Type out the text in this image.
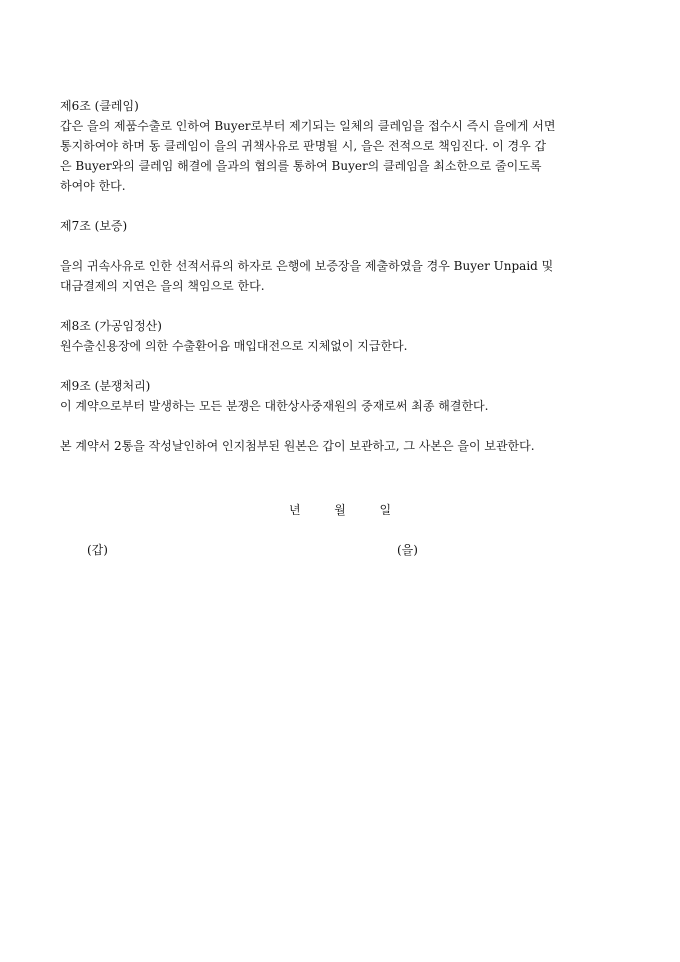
제6조 (클레임)
갑은 을의 제품수출로 인하여 Buyer로부터 제기되는 일체의 클레임을 접수시 즉시 을에게 서면
통지하여야 하며 동 클레임이 을의 귀책사유로 판명될 시, 을은 전적으로 책임진다. 이 경우 갑
은 Buyer와의 클레임 해결에 을과의 협의를 통하여 Buyer의 클레임을 최소한으로 줄이도록
하여야 한다.
제7조 (보증)
을의 귀속사유로 인한 선적서류의 하자로 은행에 보증장을 제출하였을 경우 Buyer Unpaid 및
대금결제의 지연은 을의 책임으로 한다.
제8조 (가공임정산)
원수출신용장에 의한 수출환어음 매입대전으로 지체없이 지급한다.
제9조 (분쟁처리)
이 계약으로부터 발생하는 모든 분쟁은 대한상사중재원의 중재로써 최종 해결한다.
본 계약서 2통을 작성날인하여 인지첨부된 원본은 갑이 보관하고, 그 사본은 을이 보관한다.
년	월	일
(갑)	(을)
